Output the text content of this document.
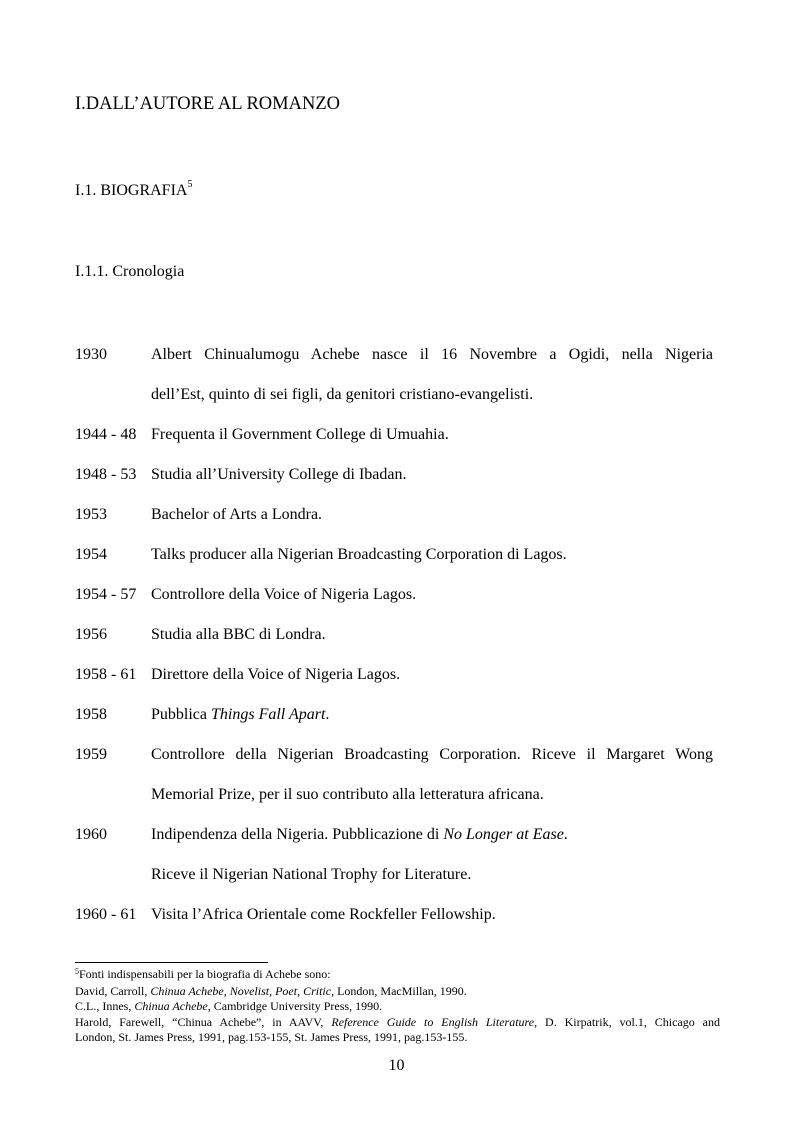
I.DALL’AUTORE AL ROMANZO
I.1. BIOGRAFIA$^5$
I.1.1. Cronologia
1930	Albert Chinualumogu Achebe nasce il 16 Novembre a Ogidi, nella Nigeria
dell’Est, quinto di sei figli, da genitori cristiano-evangelisti.
1944 - 48 Frequenta il Government College di Umuahia.
1948 - 53 Studia all’University College di Ibadan.
1953	Bachelor of Arts a Londra.
1954	Talks producer alla Nigerian Broadcasting Corporation di Lagos.
1954 - 57 Controllore della Voice of Nigeria Lagos.
1956	Studia alla BBC di Londra.
1958 - 61 Direttore della Voice of Nigeria Lagos.
1958	Pubblica Things Fall Apart.
1959	Controllore della Nigerian Broadcasting Corporation. Riceve il Margaret Wong
Memorial Prize, per il suo contributo alla letteratura africana.
1960	Indipendenza della Nigeria. Pubblicazione di No Longer at Ease.
Riceve il Nigerian National Trophy for Literature.
1960 - 61 Visita l’Africa Orientale come Rockfeller Fellowship.
$^5$Fonti indispensabili per la biografia di Achebe sono:
David, Carroll, Chinua Achebe, Novelist, Poet, Critic, London, MacMillan, 1990.
C.L., Innes, Chinua Achebe, Cambridge University Press, 1990.
Harold, Farewell, “Chinua Achebe”, in AAVV, Reference Guide to English Literature, D. Kirpatrik, vol.1, Chicago and
London, St. James Press, 1991, pag.153-155, St. James Press, 1991, pag.153-155.
10
